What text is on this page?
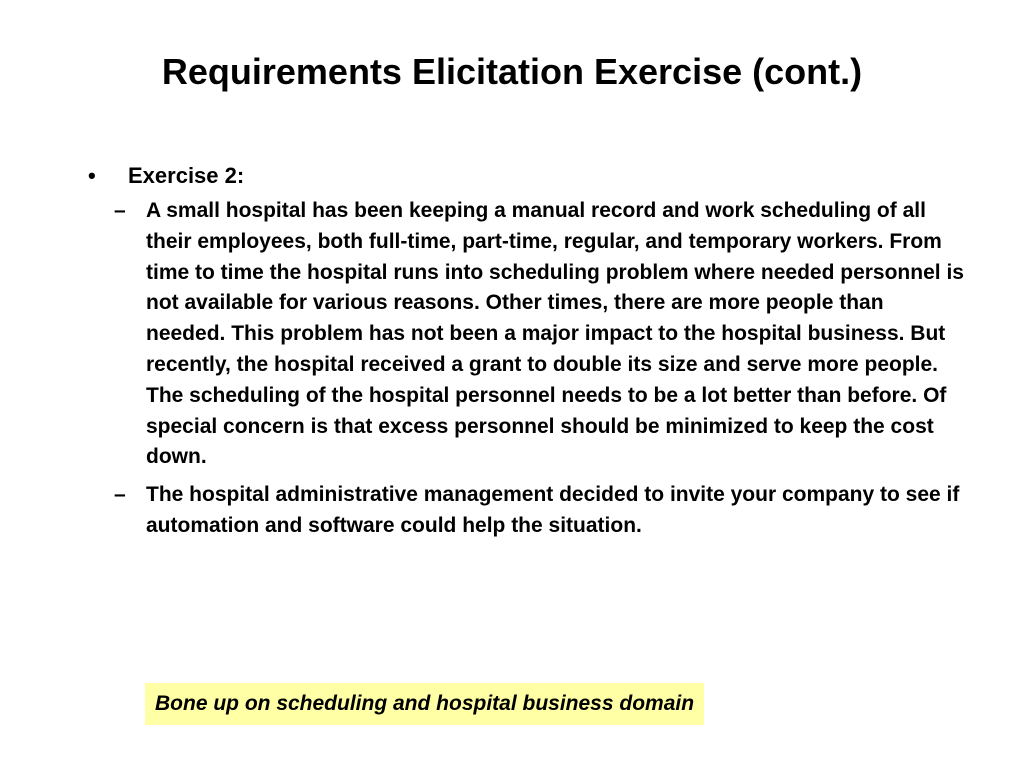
Requirements Elicitation Exercise (cont.)
• Exercise 2:
– A small hospital has been keeping a manual record and work scheduling of all their employees, both full-time, part-time, regular, and temporary workers. From time to time the hospital runs into scheduling problem where needed personnel is not available for various reasons. Other times, there are more people than needed. This problem has not been a major impact to the hospital business. But recently, the hospital received a grant to double its size and serve more people. The scheduling of the hospital personnel needs to be a lot better than before. Of special concern is that excess personnel should be minimized to keep the cost down.
– The hospital administrative management decided to invite your company to see if automation and software could help the situation.
Bone up on scheduling and hospital business domain
